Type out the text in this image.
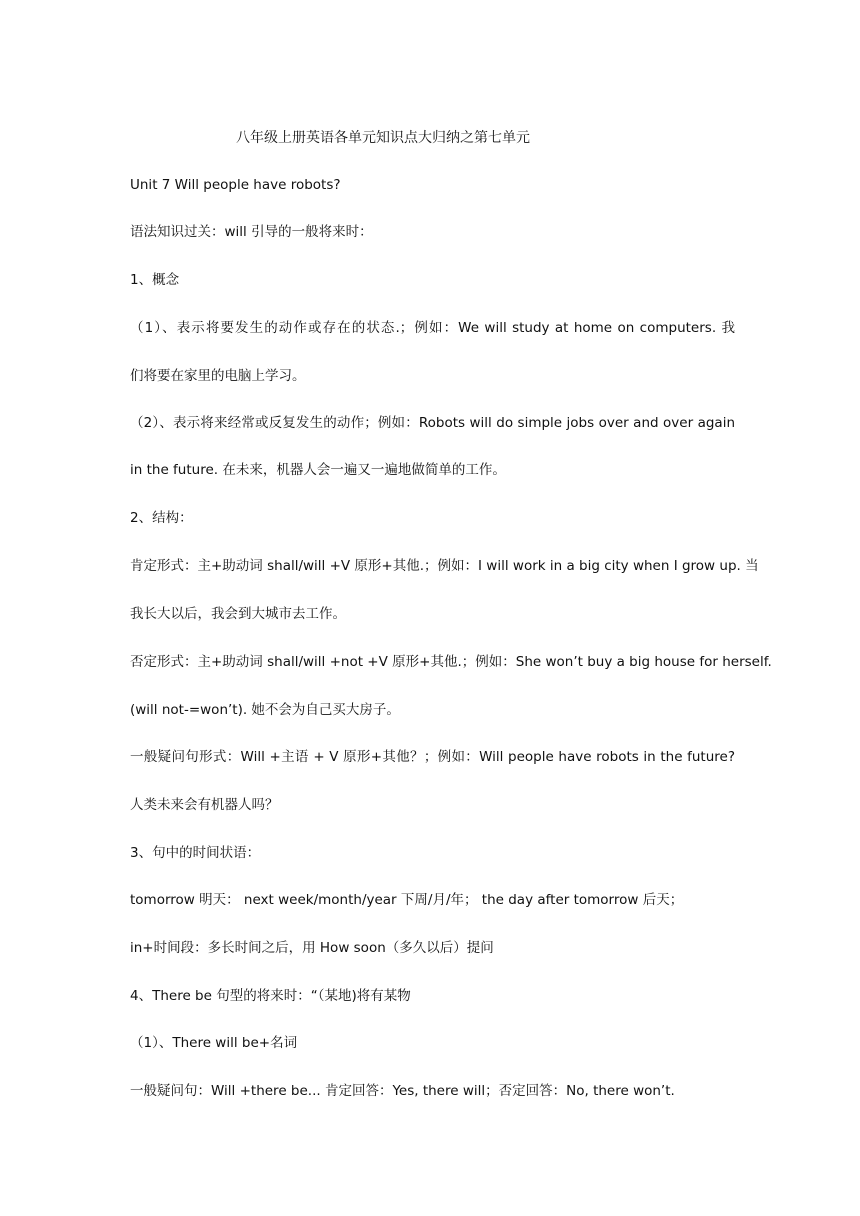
八年级上册英语各单元知识点大归纳之第七单元
Unit 7 Will people have robots?
语法知识过关：will 引导的一般将来时：
1、概念
（1）、表示将要发生的动作或存在的状态.；例如：We will study at home on computers. 我
们将要在家里的电脑上学习。
（2）、表示将来经常或反复发生的动作；例如：Robots will do simple jobs over and over again
in the future. 在未来，机器人会一遍又一遍地做简单的工作。
2、结构：
肯定形式：主+助动词 shall/will +V 原形+其他.；例如：I will work in a big city when I grow up. 当
我长大以后，我会到大城市去工作。
否定形式：主+助动词 shall/will +not +V 原形+其他.；例如：She won’t buy a big house for herself.
(will not-=won’t). 她不会为自己买大房子。
一般疑问句形式：Will +主语 + V 原形+其他？；例如：Will people have robots in the future?
人类未来会有机器人吗？
3、句中的时间状语：
tomorrow 明天： next week/month/year 下周/月/年； the day after tomorrow 后天；
in+时间段：多长时间之后，用 How soon（多久以后）提问
4、There be 句型的将来时：“（某地)将有某物
（1）、There will be+名词
一般疑问句：Will +there be... 肯定回答：Yes, there will；否定回答：No, there won’t.
